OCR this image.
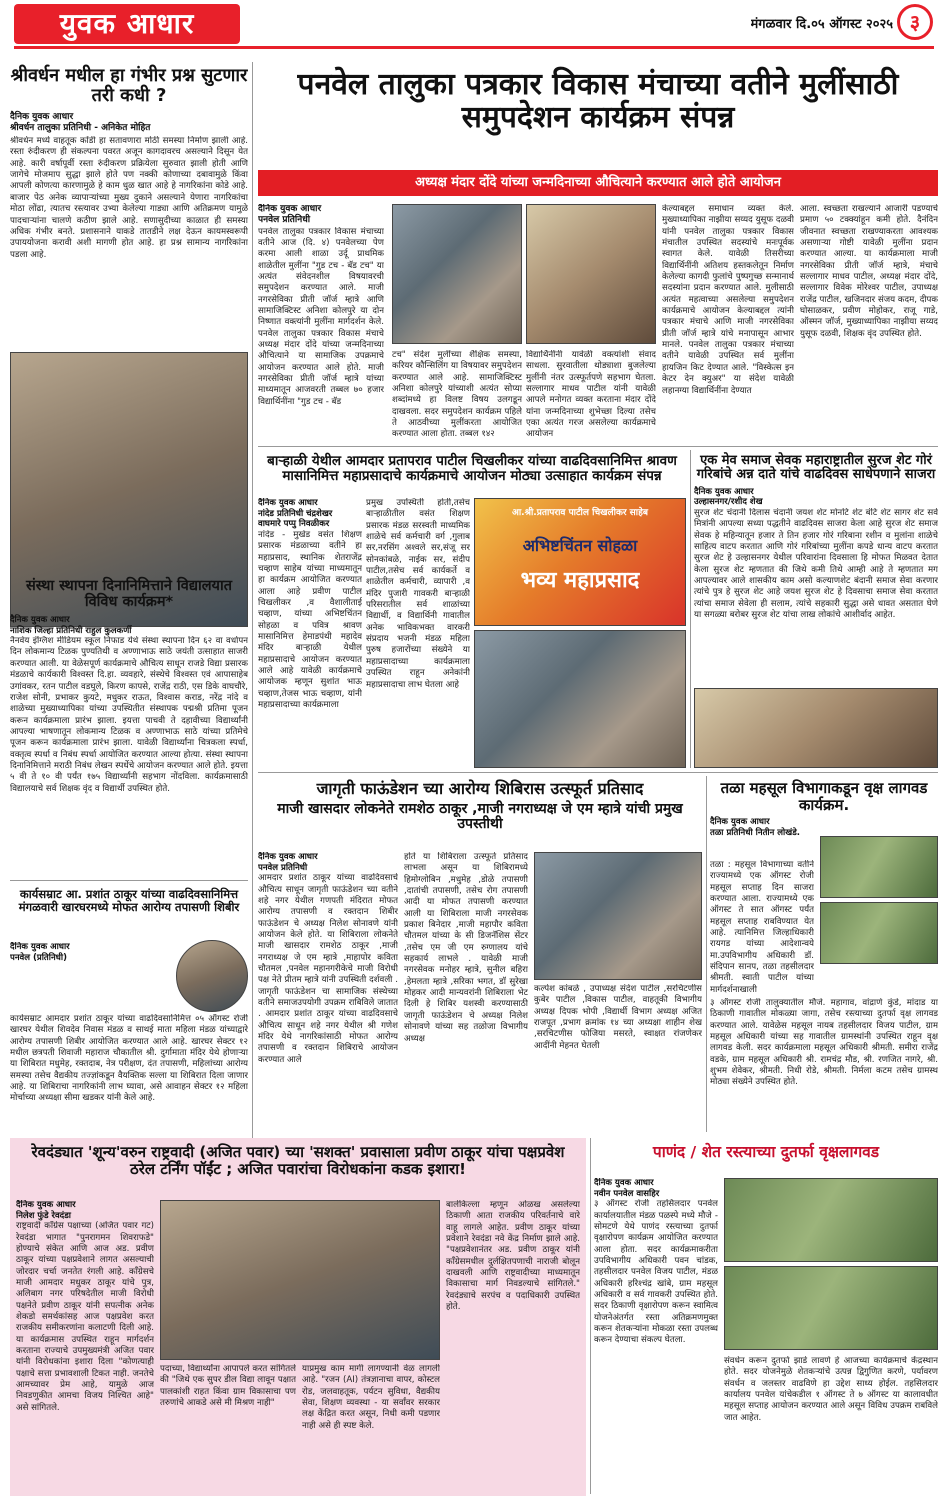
युवक आधार	मंगळवार दि.०५ ऑगस्ट २०२५ ३
श्रीवर्धन मधील हा गंभीर प्रश्न सुटणार तरी कधी ?
दैनिक युवक आधार
श्रीवर्धन तालुका प्रतिनिधी - अनिकेत मोहित
श्रीवर्धन मध्ये वाहतूक कोंडी हा सतावणारा मोठी समस्या निर्माण झाली आहे. रस्ता रुंदीकरण ही संकल्पना पवरत अजून कागदावरच असल्याने दिसून येत आहे. कारी वर्षापूर्वी रस्ता रुंदीकरण प्रक्रियेला सुरुवात झाली होती आणि जागेचे मोजमाप सुद्धा झाले होते पण नक्की कोणाच्या दबावामुळे किंवा आपली कोणत्या कारणामुळे हे काम धुळ खात आहे हे नागरिकांना कोडे आहे. बाजार पेठ अनेक व्यापाऱ्यांच्या मुख्य दुकाने असल्याने येणारा नागरिकांचा मोठा लोंढा, त्यातच रस्त्यावर उभ्या केलेल्या गाड्या आणि अतिक्रमण यामुळे पादचाऱ्यांना चालणे कठीण झाले आहे. सणासुदीच्या काळात ही समस्या अधिक गंभीर बनते. प्रशासनाने याकडे तातडीने लक्ष देऊन कायमस्वरूपी उपाययोजना करावी अशी मागणी होत आहे. हा प्रश्न सामान्य नागरिकांना पडला आहे.
पनवेल तालुका पत्रकार विकास मंचाच्या वतीने मुलींसाठी समुपदेशन कार्यक्रम संपन्न
अध्यक्ष मंदार दोंदे यांच्या जन्मदिनाच्या औचित्याने करण्यात आले होते आयोजन
दैनिक युवक आधार
पनवेल प्रतिनिधी
पनवेल तालुका पत्रकार विकास मंचाच्या वतीने आज (दि. ४) पनवेलच्या पेण करमा आली शाळा उर्दू प्राथमिक शाळेतील मुलींना "गुड टच - बॅड टच" या अत्यंत संवेदनशील विषयावरची समुपदेशन करण्यात आले. माजी नगरसेविका प्रीती जॉर्ज म्हात्रे आणि सामाजिक्टिस्ट अनिशा कोलपुरे या दोन निष्णात वक्त्यांनी मुलींना मार्गदर्शन केले. पनवेल तालुका पत्रकार विकास मंचाचे अध्यक्ष मंदार दोंदे यांच्या जन्मदिनाच्या औचित्याने या सामाजिक उपक्रमाचे आयोजन करण्यात आले होते. माजी नगरसेविका प्रीती जॉर्ज म्हात्रे यांच्या माध्यमातून आजवरती तब्बल ७० हजार विद्यार्थिनींना "गुड टच - बॅड
टच" संदेश मुलींच्या शैक्षिक समस्या, करियर कौन्सिलिंग या विषयावर समुपदेशन करण्यात आले आहे. सामाजिक्टिस्ट अनिशा कोलपुरे यांच्याशी अत्यंत सोप्या शब्दांमध्ये हा विलष्ट विषय उलगडून दाखवला. सदर समुपदेशन कार्यक्रम पहिले ते आठवीच्या मुलींकरता आयोजित करण्यात आला होता. तब्बल १४२
विद्यार्थिनींनी यावेळी वक्त्यांशी संवाद साधला. सुरवातीला थोड्याशा बुजलेल्या मुलींनी नंतर उत्स्फूर्तपणे सहभाग घेतला. सल्लागार माधव पाटील यांनी यावेळी आपले मनोगत व्यक्त करताना मंदार दोंदे यांना जन्मदिनाच्या शुभेच्छा दिल्या तसेच एका अत्यंत गरज असलेल्या कार्यक्रमाचे आयोजन
केल्याबद्दल समाधान व्यक्त केले. मुख्याध्यापिका नाझीया सय्यद युसूफ दळवी यांनी पनवेल तालुका पत्रकार विकास मंचातील उपस्थित सदस्यांचे मनःपूर्वक स्वागत केले. यावेळी तिसरीच्या विद्यार्थिनींनी अतिशय हस्तकलेतून निर्माण केलेल्या कागदी फुलांचे पुष्पगुच्छ सन्मानार्थ सदस्यांना प्रदान करण्यात आले. मुलीसाठी अत्यंत महत्वाच्या असलेल्या समुपदेशन कार्यक्रमाचे आयोजन केल्याबद्दल त्यांनी पत्रकार मंचाचे आणि माजी नगरसेविका प्रीती जॉर्ज म्हात्रे यांचे मनापासून आभार मानले. पनवेल तालुका पत्रकार मंचाच्या वतीने यावेळी उपस्थित सर्व मुलींना हायजिन किट देण्यात आले. "विस्केत्स इन केटर देन क्युअर" या संदेश यावेळी लहानग्या विद्यार्थिनींना देण्यात
आला. स्वच्छता राखल्याने आजारी पडण्याचे प्रमाण ५० टक्क्यांहून कमी होते. दैनंदिन जीवनात स्वच्छता राखण्याकरता आवश्यक असणाऱ्या गोष्टी यावेळी मुलींना प्रदान करण्यात आल्या. या कार्यक्रमाला माजी नगरसेविका प्रीती जॉर्ज म्हात्रे, मंचाचे सल्लागार माधव पाटील, अध्यक्ष मंदार दोंदे, सल्लागार विवेक मोरेश्वर पाटील, उपाध्यक्ष राजेंद्र पाटील, खजिनदार संजय कदम, दीपक घोसाळकर, प्रवीण मोहोकर, राजू गाडे, ऑस्मन जॉर्ज, मुख्याध्यापिका नाझीया सय्यद युसूफ दळवी, शिक्षक वृंद उपस्थित होते.
बाऱ्हाळी येथील आमदार प्रतापराव पाटील चिखलीकर यांच्या वाढदिवसानिमित्त श्रावण मासानिमित्त महाप्रसादाचे कार्यक्रमाचे आयोजन मोठ्या उत्साहात कार्यक्रम संपन्न
दैनिक युवक आधार
नांदेड प्रतिनिधी चंद्रशेखर
वाघमारे पप्पु निवळीकर
नांदेड - मुखेड वसंत शिक्षण प्रसारक मंडळाच्या वतीने हा महाप्रसाद, स्थानिक शेतराजेंद्र चव्हाण साहेब यांच्या माध्यमातून हा कार्यक्रम आयोजित करण्यात आला आहे प्रवीण पाटील चिखलीकर ,व वैशालीताई चव्हाण, यांच्या अभिष्टचिंतन सोहळा व पवित्र श्रावण मासानिमित्त हेमाडपंथी महादेव मंदिर बाऱ्हाळी येथील महाप्रसादाचे आयोजन करण्यात आले आहे यावेळी कार्यक्रमाचे आयोजक म्हणून सुशांत भाऊ चव्हाण,तेजस भाऊ चव्हाण, यांनी महाप्रसादाच्या कार्यक्रमाला
प्रमुख उपस्थिती होती,तसेच बाऱ्हाळीतील वसंत शिक्षण प्रसारक मंडळ सरस्वती माध्यमिक शाळेचे सर्व कर्मचारी वर्ग ,गुलाब सर,नरसिंग अश्वले सर,संजू सर सोनकांबळे, नाईक सर, संदीप पाटील,तसेच सर्व कार्यकर्ते व शाळेतील कर्मचारी, व्यापारी ,व मंदिर पुजारी गावकरी बाऱ्हाळी परिसरातील सर्व शाळांच्या विद्यार्थी, व विद्यार्थिनी गावातील अनेक भाविकभक्त वारकरी संप्रदाय भजनी मंडळ महिला पुरुष हजारोंच्या संख्येने या महाप्रसादाच्या कार्यक्रमाला उपस्थित राहून अनेकांनी महाप्रसादाचा लाभ घेतला आहे
आ.श्री.प्रतापराव पाटील चिखलीकर साहेब
अभिष्टचिंतन सोहळा
भव्य महाप्रसाद
एक मेव समाज सेवक महाराष्ट्रातील सुरज शेट गोरं गरिबांचे अन्न दाते यांचे वाढदिवस साधेपणाने साजरा
दैनिक युवक आधार
उल्हासनगर/रशीद शेख
सुरज शेट चंदानी दिलास चंदानी जयश शेट मोनटि शेट बंटि शेट सागर शेट सर्व मित्रांनी आपल्या सध्या पद्धतीने वाढदिवस साजरा केला आहे सुरज शेट समाज सेवक हे महिन्यातून हजार ते तिन हजार गोरं गरिबाना रशीन व मुलांना शाळेचे साहित्य वाटप करतात आणि गोरं गरिबांच्या मुलींना कपडे धान्य वाटप करतात सुरज शेट हे उल्हासनगर येथील परिवारांना दिवसाला हि मोफत मिळवत देतात केला सुरज शेट म्हणतात की जिथे कमी तिथे आम्ही आहे ते म्हणतात मग आपल्यावर आले शासकीय काम असो कल्याणशेट बंदानी समाज सेवा करणार त्यांचे पुत्र हे सुरज शेट आहे जयश सुरज शेट हे दिवसाचा समाज सेवा करतात त्यांचा समाज सेवेला ही सलाम, त्यांचे सहकारी सुद्धा असे धावत असतात घेणे या सगळ्या बरोबर सुरज शेट यांचा लाख लोकांचे आशीर्वाद आहेत.
संस्था स्थापना दिनानिमित्ताने विद्यालयात विविध कार्यक्रम*
दैनिक युवक आधार
नाशिक जिल्हा प्रतिनिधी राहुल कुलकर्णी
नैनवेय इंग्लिश मीडियम स्कूल निफाड येथे संस्था स्थापना दिन ६२ वा वर्धापन दिन लोकमान्य टिळक पुण्यतिथी व अण्णाभाऊ साठे जयंती उत्साहात साजरी करण्यात आली. या वेळेसपूर्ण कार्यक्रमाचे औचित्य साधून राजडे विद्या प्रसारक मंडळाचे कार्यकारी विश्वस्त दि.हा. व्यवहारे, संस्थेचे विश्वस्त एवं आपासाहेब उगांवकर, रतन पाटील वडघुले, किरण कापसे, राजेंद्र राठी, एस डिके वाघचौरे, राजेश सोनी, प्रभाकर कुयटे, मधुकर राऊत, विश्वास कराड, नरेंद्र नांदे व शाळेच्या मुख्याध्यापिका यांच्या उपस्थितीत संस्थापक पद्मश्री प्रतिमा पूजन करून कार्यक्रमाला प्रारंभ झाला. इयत्ता पाचवी ते दहावीच्या विद्यार्थ्यांनी आपल्या भाषणातून लोकमान्य टिळक व अण्णाभाऊ साठे यांच्या प्रतिमेचे पूजन करून कार्यक्रमाला प्रारंभ झाला. यावेळी विद्यार्थ्यांना चित्रकला स्पर्धा, वक्तृत्व स्पर्धा व निबंध स्पर्धा आयोजित करण्यात आल्या होत्या. संस्था स्थापना दिनानिमित्ताने मराठी निबंध लेखन स्पर्धेचे आयोजन करण्यात आले होते. इयत्ता ५ वी ते १० वी पर्यंत १७५ विद्यार्थ्यांनी सहभाग नोंदविला. कार्यक्रमासाठी विद्यालयाचे सर्व शिक्षक वृंद व विद्यार्थी उपस्थित होते.
कार्यसम्राट आ. प्रशांत ठाकूर यांच्या वाढदिवसानिमित्त मंगळवारी खारघरमध्ये मोफत आरोग्य तपासणी शिबीर
दैनिक युवक आधार
पनवेल (प्रतिनिधी)
कार्यसम्राट आमदार प्रशांत ठाकूर यांच्या वाढदिवसानिमित्त ०५ ऑगस्ट रोजी खारघर येथील शिवदेव निवास मंडळ व साथई माता महिला मंडळ यांच्याद्वारे आरोग्य तपासणी शिबीर आयोजित करण्यात आले आहे. खारघर सेक्टर १२ मधील छत्रपती शिवाजी महाराज चौकातील श्री. दुर्गामाता मंदिर येथे होणाऱ्या या शिबिरात मधुमेह, रक्तदाब, नेत्र परीक्षण, दंत तपासणी, महिलांच्या आरोग्य समस्या तसेच वैद्यकीय तज्ज्ञांकडून वैयक्तिक सल्ला या शिबिरात दिला जाणार आहे. या शिबिराचा नागरिकांनी लाभ घ्यावा, असे आवाहन सेक्टर १२ महिला मोर्चाच्या अध्यक्षा सीमा खडकर यांनी केले आहे.
जागृती फाऊंडेशन च्या आरोग्य शिबिरास उत्स्फूर्त प्रतिसाद
माजी खासदार लोकनेते रामशेठ ठाकूर ,माजी नगराध्यक्ष जे एम म्हात्रे यांची प्रमुख उपस्तीथी
दैनिक युवक आधार
पनवेल प्रतिनिधी
आमदार प्रशांत ठाकूर यांच्या वाढदिवसाचे औचित्य साधून जागृती फाऊंडेशन च्या वतीने शहे नगर येथील गणपती मंदिरात मोफत आरोग्य तपासणी व रक्तदान शिबीर फाऊंडेशन चे अध्यक्ष निलेश सोनावणे यांनी आयोजन केले होते. या शिबिराला लोकनेते माजी खासदार रामशेठ ठाकूर ,माजी नगराध्यक्ष जे एम म्हात्रे ,माहापोर कविता चौतमल ,पनवेल महानगरीकेचे माजी विरोधी पक्ष नेते प्रीतम म्हात्रे यांनी उपस्थिती दर्शवली . जागृती फाऊंडेशन चा सामाजिक संस्थेच्या वतीने समाजउपयोगी उपक्रम राबिविले जातात . आमदार प्रशांत ठाकूर यांच्या वाढदिवसाचे औचित्य साधून शहे नगर येथील श्री गणेश मंदिर येथे नागरिकांसाठी मोफत आरोग्य तपासणी व रक्तदान शिबिराचे आयोजन करण्यात आले
होते या शिबिराला उत्स्फूर्त प्रतिसाद लाभला असून या शिबिरामध्ये हिमोग्लोबिन ,मधुमेह ,डोळे तपासणी ,दातांची तपासणी, तसेच रोग तपासणी आदी या मोफत तपासणी करण्यात आली या शिबिराला माजी नगरसेवक प्रकाश बिनेदार ,माजी महापौर कविता चौतमल यांच्या के सी डिजनॅशिस सेंटर ,तसेच एम जी एम रुग्णालय यांचे सहकार्य लाभले . यावेळी माजी नगरसेवक मनोहर म्हात्रे, सुनील बहिरा ,हेमलता म्हात्रे ,सरिका भगत, डॉ सुरेखा मोहकर आदी मान्यवरांनी शिबिराला भेट दिली हे शिबिर यशस्वी करण्यासाठी जागृती फाऊंडेशन चे अध्यक्ष निलेश सोनावणे यांच्या सह तळोजा विभागीय अध्यक्ष
कल्पेश कांबळे , उपाध्यक्ष संदेश पाटील ,सरचिटणीस कुबेर पाटील ,विकास पाटील, वाहतूकी विभागीय अध्यक्ष दिपक भोपी ,विद्यार्थी विभाग अध्यक्ष अजित राजपूत ,प्रभाग क्रमांक १४ च्या अध्यक्षा शाहीन शेख ,सरचिटणीस फोजिया मसरते, स्वाक्षत रांजणेकर आदींनी मेहनत घेतली
तळा महसूल विभागाकडून वृक्ष लागवड कार्यक्रम.
दैनिक युवक आधार
तळा प्रतिनिधी नितीन लोखंडे.
तळा : महसूल विभागाच्या वतीने राज्यामध्ये एक ऑगस्ट रोजी महसूल सप्ताह दिन साजरा करण्यात आला. राज्यामध्ये एक ऑगस्ट ते सात ऑगस्ट पर्यंत महसूल सप्ताह राबविण्यात येत आहे. त्यानिमित्त जिल्हाधिकारी रायगड यांच्या आदेशान्वये मा.उपविभागीय अधिकारी डॉ. संदिपान सानप, तळा तहसीलदार श्रीमती. स्वाती पाटील यांच्या मार्गदर्शनाखाली
३ ऑगस्ट रोजी तालुक्यातील मौजे. महागाव, वांद्राणे कुंडे, मांदाड या ठिकाणी गावातील मोकळ्या जागा, तसेच रस्त्याच्या दुतर्फा वृक्ष लागवड करण्यात आले. यावेळेस महसूल नायब तहसीलदार विजय पाटील, ग्राम महसूल अधिकारी यांच्या सह गावातील ग्रामस्थांनी उपस्थित राहून वृक्ष लागवड केली. सदर कार्यक्रमाला महसूल अधिकारी श्रीमती. समीरा राजेंद्र वडके, ग्राम महसूल अधिकारी श्री. रामचंद्र मौड, श्री. रणजित नागरे, श्री. शुभम शेवेकर, श्रीमती. निधी रोडे, श्रीमती. निर्मला कटम तसेच ग्रामस्थ मोठ्या संख्येने उपस्थित होते.
रेवदंड्यात 'शून्य'वरुन राष्ट्रवादी (अजित पवार) च्या 'सशक्त' प्रवासाला प्रवीण ठाकूर यांचा पक्षप्रवेश ठरेल टर्निंग पॉईंट ; अजित पवारांचा विरोधकांना कडक इशारा!
दैनिक युवक आधार
निलेश फुंडे रेवदंडा
राष्ट्रवादी काँग्रेस पक्षाच्या (अजित पवार गट) रेवदंडा भागात "पुनरागमन शिवराफडे" होण्याचे संकेत आणि आज अड. प्रवीण ठाकूर यांच्या पक्षप्रवेशाने लागत असल्याची जोरदार चर्चा जनतेत रंगली आहे. कॉंग्रेसचे माजी आमदार मधुकर ठाकूर यांचे पुत्र, अलिबाग नगर परिषदेतील माजी विरोधी पक्षनेते प्रवीण ठाकूर यांनी सपत्नीक अनेक शेकडो समर्थकांसह आज पक्षप्रवेश करत राजकीय समीकरणांना कलाटणी दिली आहे. या कार्यक्रमास उपस्थित राहून मार्गदर्शन करताना राज्याचे उपमुख्यमंत्री अजित पवार यांनी विरोधकांना इशारा दिला "कोणत्याही पक्षाचे सत्ता प्रभावशाली टिकत नाही. जनतेचे आमच्यावर प्रेम आहे, यामुळे आज निवडणुकीत आमचा विजय निश्चित आहे" असे सांगितले.
पदाच्या, विद्यार्थ्यांना आपापले करत सांगितले की "जिथे एक सुपर डील विद्या लावून पक्षात पालकांशी राहत किंवा ग्राम विकासाचा पण तरुणांचे आकडे असे मी मिश्रण नाही"
याप्रमुख काम मागी लागण्यानी वेळ लागली आहे. "रजन (AI) तंत्रज्ञानाचा वापर, कोस्टल रोड, जलवाहतूक, पर्यटन सुविधा, वैद्यकीय सेवा, शिक्षण व्यवस्था - या सर्वांवर सरकार लक्ष केंद्रित करत असून, निधी कमी पडणार नाही असे ही स्पष्ट केले.
बालेकिल्ला म्हणून ओळख असलेल्या ठिकाणी आता राजकीय परिवर्तनाचे वारे वाहू लागले आहेत. प्रवीण ठाकूर यांच्या प्रवेशाने रेवदंडा नवे केंद्र निर्माण झाले आहे. "पक्षप्रवेशानंतर अड. प्रवीण ठाकूर यांनी कॉंग्रेसमधील दुर्लक्षितपणाची नाराजी बोलून दाखवली आणि राष्ट्रवादीच्या माध्यमातून विकासाचा मार्ग निवडल्याचे सांगितले." रेवदंड्याचे सरपंच व पदाधिकारी उपस्थित होते.
पाणंद / शेत रस्त्याच्या दुतर्फा वृक्षलागवड
दैनिक युवक आधार
नवीन पनवेल वासहिर
३ ऑगस्ट रोजी तहसिलदार पनवेल कार्यालयातील मंडळ पळस्पे मध्ये मौजे - सोमटणे येथे पाणंद रस्त्याच्या दुतर्फा वृक्षारोपण कार्यक्रम आयोजित करण्यात आला होता. सदर कार्यक्रमाकरीता उपविभागीय अधिकारी पवन चांडक, तहसीलदार पनवेल विजय पाटील, मंडळ अधिकारी हरिश्चंद्र खांबे, ग्राम महसूल अधिकारी व सर्व गावकरी उपस्थित होते. सदर ठिकाणी वृक्षारोपण करून स्वामित्व योजनेअंतर्गत रस्ता अतिक्रमणमुक्त करून शेतकऱ्यांना मोकळा रस्ता उपलब्ध करून देण्याचा संकल्प घेतला.
संवर्धन करून दुतर्फा झाडे लावणे हे आजच्या कार्यक्रमाचे केंद्रस्थान होते. सदर योजनेमुळे शेतकऱ्यांचे उत्पन्न द्विगुणित करणे, पर्यावरण संवर्धन व जलस्तर वाढविणे हा उद्देश साध्य होईल. तहसिलदार कार्यालय पनवेल यांचेकडील १ ऑगस्ट ते ७ ऑगस्ट या कालावधीत महसूल सप्ताह आयोजन करण्यात आले असून विविध उपक्रम राबविले जात आहेत.
